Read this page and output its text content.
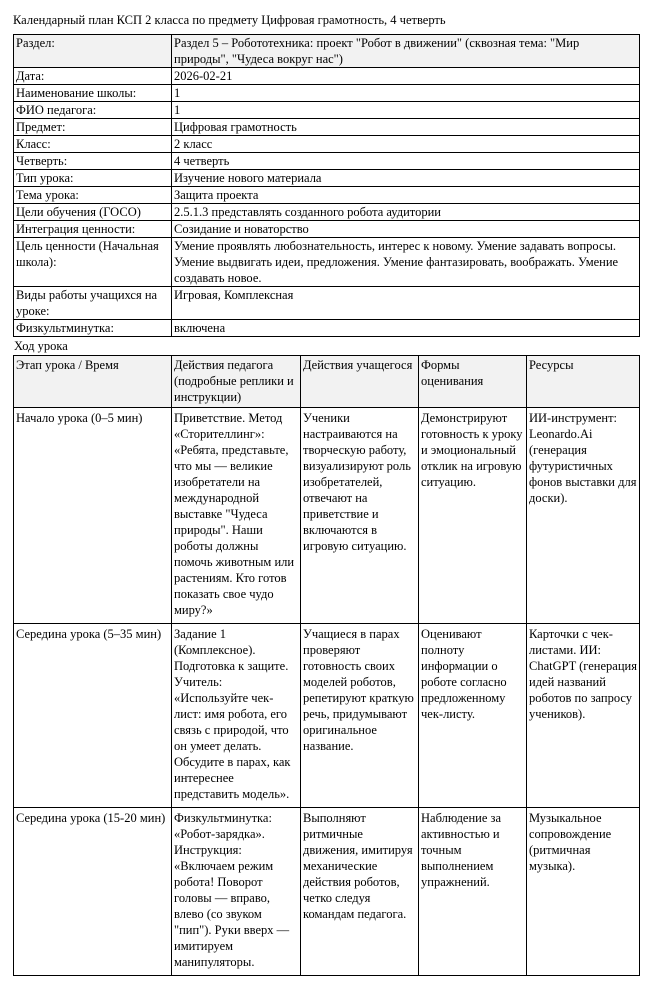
Календарный план КСП 2 класса по предмету Цифровая грамотность, 4 четверть
Раздел:	Раздел 5 – Робототехника: проект "Робот в движении" (сквозная тема: "Мир природы", "Чудеса вокруг нас")
Дата:	2026-02-21
Наименование школы:	1
ФИО педагога:	1
Предмет:	Цифровая грамотность
Класс:	2 класс
Четверть:	4 четверть
Тип урока:	Изучение нового материала
Тема урока:	Защита проекта
Цели обучения (ГОСО)	2.5.1.3 представлять созданного робота аудитории
Интеграция ценности:	Созидание и новаторство
Цель ценности (Начальная школа):	Умение проявлять любознательность, интерес к новому. Умение задавать вопросы. Умение выдвигать идеи, предложения. Умение фантазировать, воображать. Умение создавать новое.
Виды работы учащихся на уроке:	Игровая, Комплексная
Физкультминутка:	включена
Ход урока
Этап урока / Время	Действия педагога (подробные реплики и инструкции)	Действия учащегося	Формы оценивания	Ресурсы
Начало урока (0–5 мин)	Приветствие. Метод «Сторителлинг»: «Ребята, представьте, что мы — великие изобретатели на международной выставке "Чудеса природы". Наши роботы должны помочь животным или растениям. Кто готов показать свое чудо миру?»	Ученики настраиваются на творческую работу, визуализируют роль изобретателей, отвечают на приветствие и включаются в игровую ситуацию.	Демонстрируют готовность к уроку и эмоциональный отклик на игровую ситуацию.	ИИ-инструмент: Leonardo.Ai (генерация футуристичных фонов выставки для доски).
Середина урока (5–35 мин)	Задание 1 (Комплексное). Подготовка к защите. Учитель: «Используйте чек-лист: имя робота, его связь с природой, что он умеет делать. Обсудите в парах, как интереснее представить модель».	Учащиеся в парах проверяют готовность своих моделей роботов, репетируют краткую речь, придумывают оригинальное название.	Оценивают полноту информации о роботе согласно предложенному чек-листу.	Карточки с чек-листами. ИИ: ChatGPT (генерация идей названий роботов по запросу учеников).
Середина урока (15-20 мин)	Физкультминутка: «Робот-зарядка». Инструкция: «Включаем режим робота! Поворот головы — вправо, влево (со звуком "пип"). Руки вверх — имитируем манипуляторы.	Выполняют ритмичные движения, имитируя механические действия роботов, четко следуя командам педагога.	Наблюдение за активностью и точным выполнением упражнений.	Музыкальное сопровождение (ритмичная музыка).
